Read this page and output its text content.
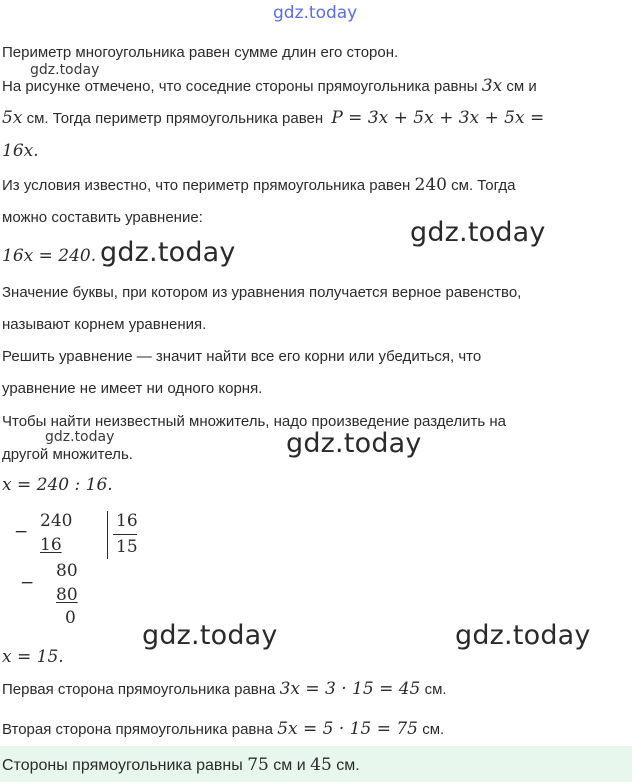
gdz.today
Периметр многоугольника равен сумме длин его сторон.
gdz.today
На рисунке отмечено, что соседние стороны прямоугольника равны 3x см и
5x см. Тогда периметр прямоугольника равен P = 3x + 5x + 3x + 5x =
16x.
Из условия известно, что периметр прямоугольника равен 240 см. Тогда
можно составить уравнение:
16x = 240. gdz.today
gdz.today
Значение буквы, при котором из уравнения получается верное равенство,
называют корнем уравнения.
Решить уравнение — значит найти все его корни или убедиться, что
уравнение не имеет ни одного корня.
Чтобы найти неизвестный множитель, надо произведение разделить на
gdz.today
другой множитель.	gdz.today
x = 240 : 16.
−
240
16
16
15
−
80
80
0
gdz.today	gdz.today
x = 15.
Первая сторона прямоугольника равна 3x = 3 · 15 = 45 см.
Вторая сторона прямоугольника равна 5x = 5 · 15 = 75 см.
Стороны прямоугольника равны 75 см и 45 см.
